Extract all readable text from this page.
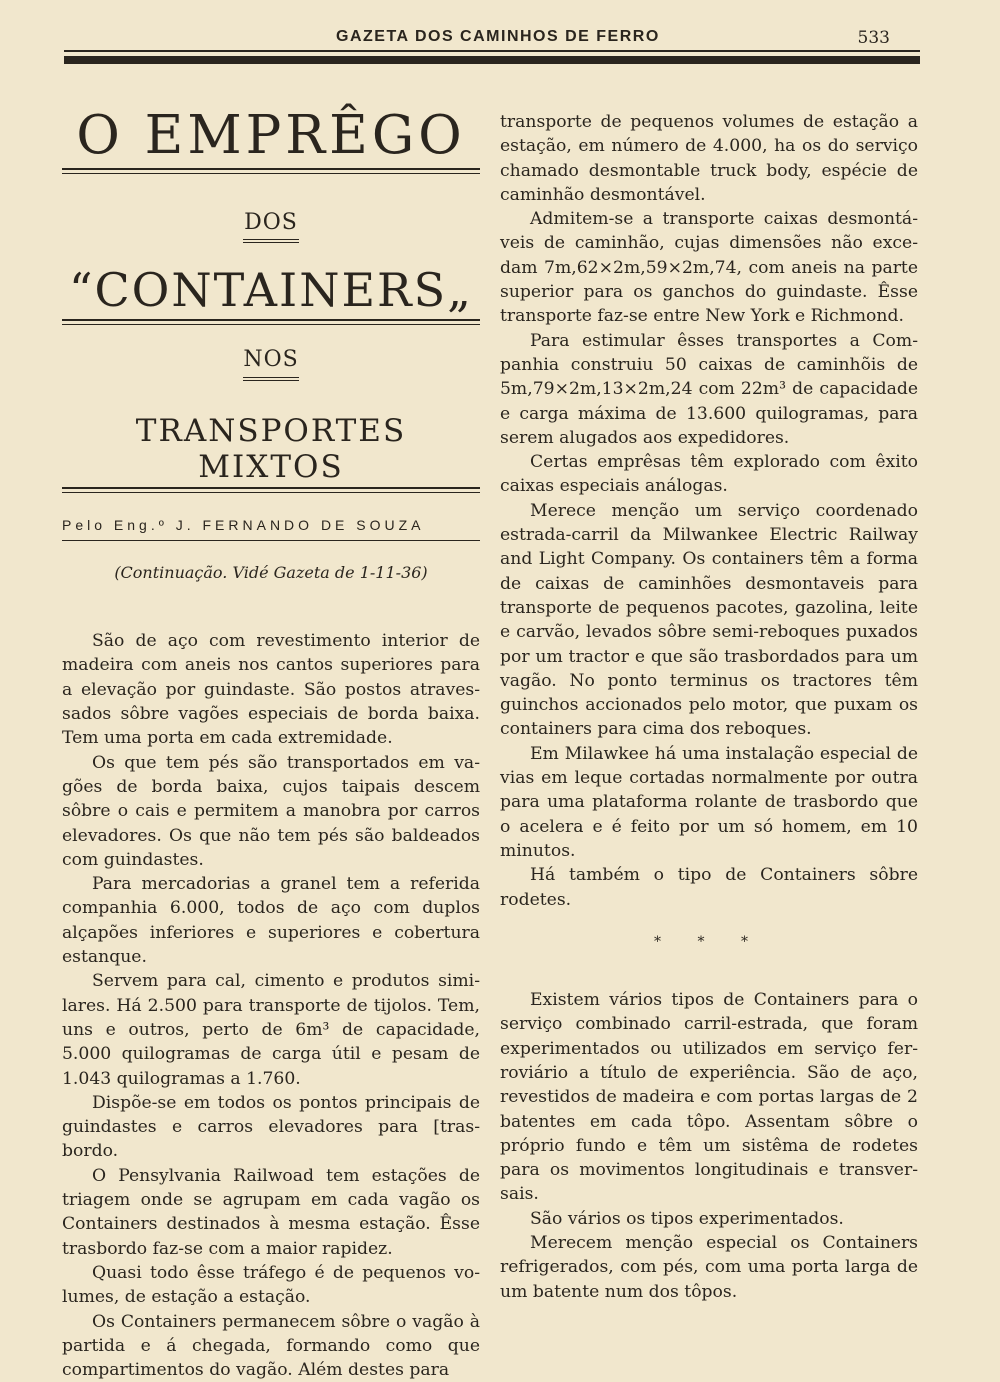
GAZETA DOS CAMINHOS DE FERRO	533
O EMPRÊGO
DOS
“CONTAINERS„
NOS
TRANSPORTES MIXTOS
Pelo Eng.º J. FERNANDO DE SOUZA
(Continuação. Vidé Gazeta de 1-11-36)

São de aço com revestimento interior de madeira com aneis nos cantos superiores para a elevação por guindaste. São postos atravessados sôbre vagões especiais de borda baixa. Tem uma porta em cada extremidade.

Os que tem pés são transportados em vagões de borda baixa, cujos taipais descem sôbre o cais e permitem a manobra por carros elevadores. Os que não tem pés são baldeados com guindastes.

Para mercadorias a granel tem a referida companhia 6.000, todos de aço com duplos alçapões inferiores e superiores e cobertura estanque.

Servem para cal, cimento e produtos similares. Há 2.500 para transporte de tijolos. Tem, uns e outros, perto de 6m³ de capacidade, 5.000 quilogramas de carga útil e pesam de 1.043 quilogramas a 1.760.

Dispõe-se em todos os pontos principais de guindastes e carros elevadores para [trasbordo.

O Pensylvania Railwoad tem estações de triagem onde se agrupam em cada vagão os Containers destinados à mesma estação. Êsse trasbordo faz-se com a maior rapidez.

Quasi todo êsse tráfego é de pequenos volumes, de estação a estação.

Os Containers permanecem sôbre o vagão à partida e á chegada, formando como que compartimentos do vagão. Além destes para

transporte de pequenos volumes de estação a estação, em número de 4.000, ha os do serviço chamado desmontable truck body, espécie de caminhão desmontável.

Admitem-se a transporte caixas desmontáveis de caminhão, cujas dimensões não excedam 7m,62×2m,59×2m,74, com aneis na parte superior para os ganchos do guindaste. Êsse transporte faz-se entre New York e Richmond.

Para estimular êsses transportes a Companhia construiu 50 caixas de caminhõis de 5m,79×2m,13×2m,24 com 22m³ de capacidade e carga máxima de 13.600 quilogramas, para serem alugados aos expedidores.

Certas emprêsas têm explorado com êxito caixas especiais análogas.

Merece menção um serviço coordenado estrada-carril da Milwankee Electric Railway and Light Company. Os containers têm a forma de caixas de caminhões desmontaveis para transporte de pequenos pacotes, gazolina, leite e carvão, levados sôbre semi-reboques puxados por um tractor e que são trasbordados para um vagão. No ponto terminus os tractores têm guinchos accionados pelo motor, que puxam os containers para cima dos reboques.

Em Milawkee há uma instalação especial de vias em leque cortadas normalmente por outra para uma plataforma rolante de trasbordo que o acelera e é feito por um só homem, em 10 minutos.

Há também o tipo de Containers sôbre rodetes.

* * *

Existem vários tipos de Containers para o serviço combinado carril-estrada, que foram experimentados ou utilizados em serviço ferroviário a título de experiência. São de aço, revestidos de madeira e com portas largas de 2 batentes em cada tôpo. Assentam sôbre o próprio fundo e têm um sistêma de rodetes para os movimentos longitudinais e transversais.

São vários os tipos experimentados.

Merecem menção especial os Containers refrigerados, com pés, com uma porta larga de um batente num dos tôpos.
